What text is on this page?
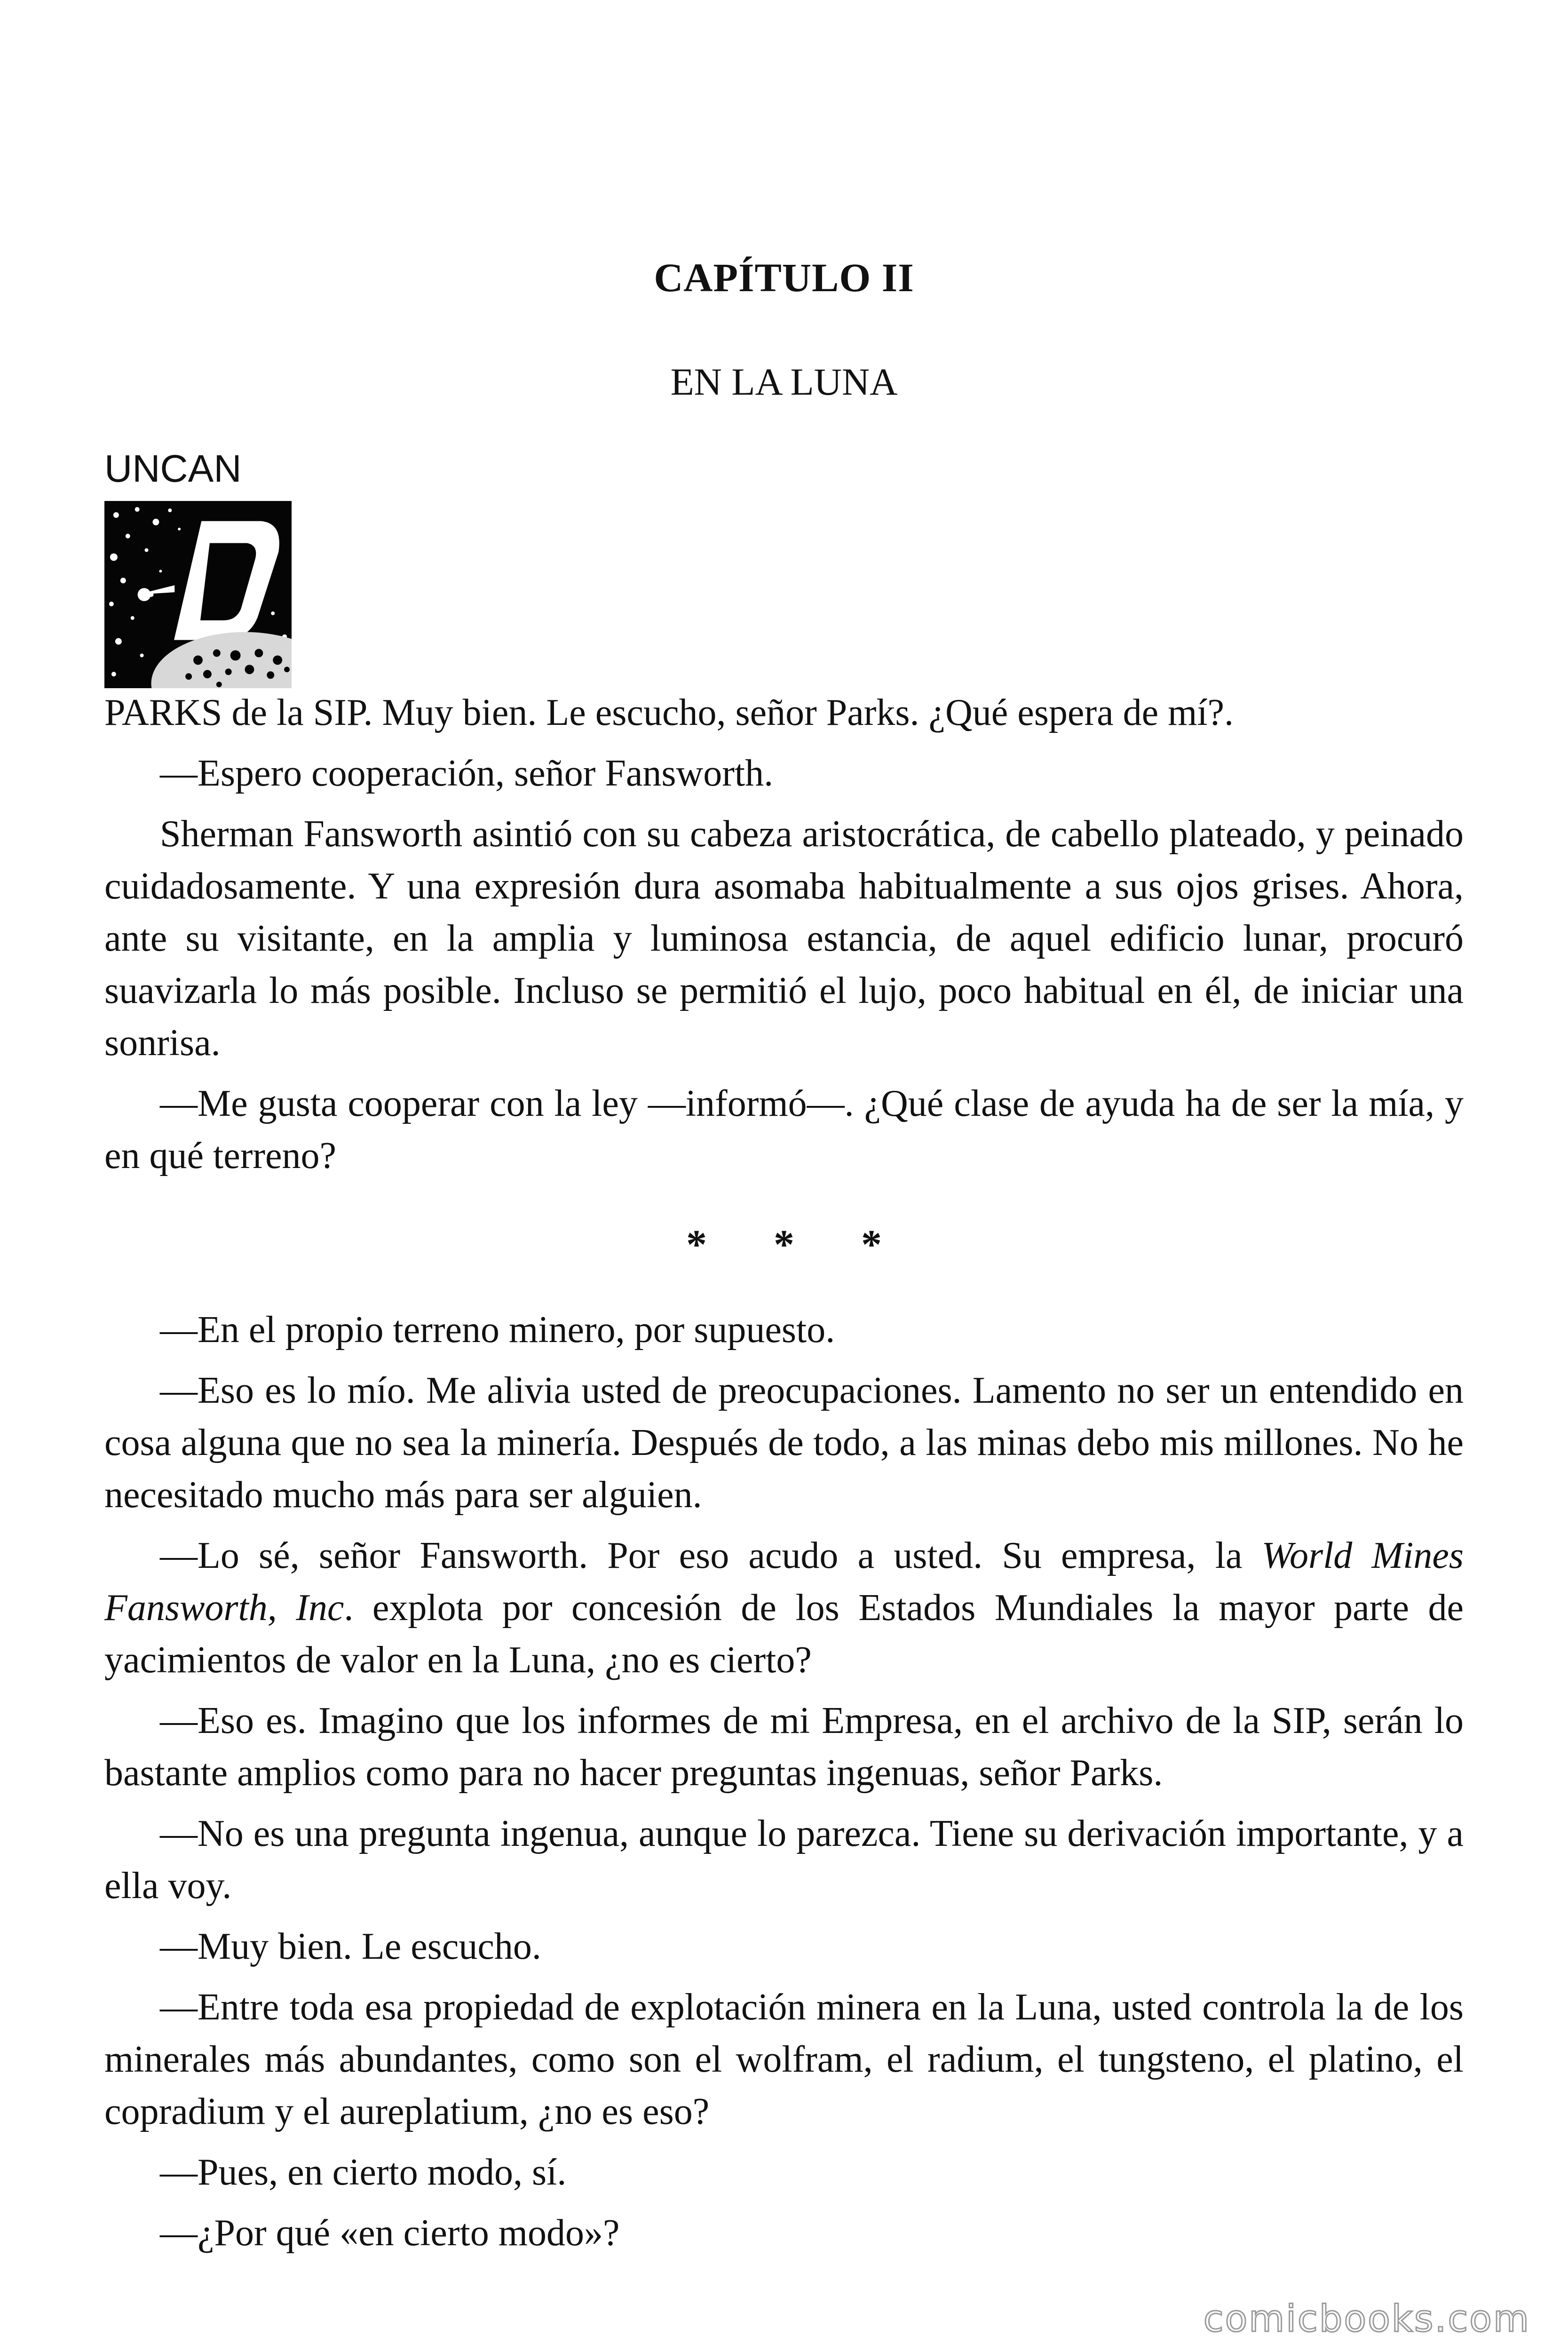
CAPÍTULO II
EN LA LUNA
UNCAN

PARKS de la SIP. Muy bien. Le escucho, señor Parks. ¿Qué espera de mí?.

—Espero cooperación, señor Fansworth.

Sherman Fansworth asintió con su cabeza aristocrática, de cabello plateado, y peinado cuidadosamente. Y una expresión dura asomaba habitualmente a sus ojos grises. Ahora, ante su visitante, en la amplia y luminosa estancia, de aquel edificio lunar, procuró suavizarla lo más posible. Incluso se permitió el lujo, poco habitual en él, de iniciar una sonrisa.

—Me gusta cooperar con la ley —informó—. ¿Qué clase de ayuda ha de ser la mía, y en qué terreno?

* * *

—En el propio terreno minero, por supuesto.

—Eso es lo mío. Me alivia usted de preocupaciones. Lamento no ser un entendido en cosa alguna que no sea la minería. Después de todo, a las minas debo mis millones. No he necesitado mucho más para ser alguien.

—Lo sé, señor Fansworth. Por eso acudo a usted. Su empresa, la World Mines Fansworth, Inc. explota por concesión de los Estados Mundiales la mayor parte de yacimientos de valor en la Luna, ¿no es cierto?

—Eso es. Imagino que los informes de mi Empresa, en el archivo de la SIP, serán lo bastante amplios como para no hacer preguntas ingenuas, señor Parks.

—No es una pregunta ingenua, aunque lo parezca. Tiene su derivación importante, y a ella voy.

—Muy bien. Le escucho.

—Entre toda esa propiedad de explotación minera en la Luna, usted controla la de los minerales más abundantes, como son el wolfram, el radium, el tungsteno, el platino, el copradium y el aureplatium, ¿no es eso?

—Pues, en cierto modo, sí.

—¿Por qué «en cierto modo»?

comicbooks.com
